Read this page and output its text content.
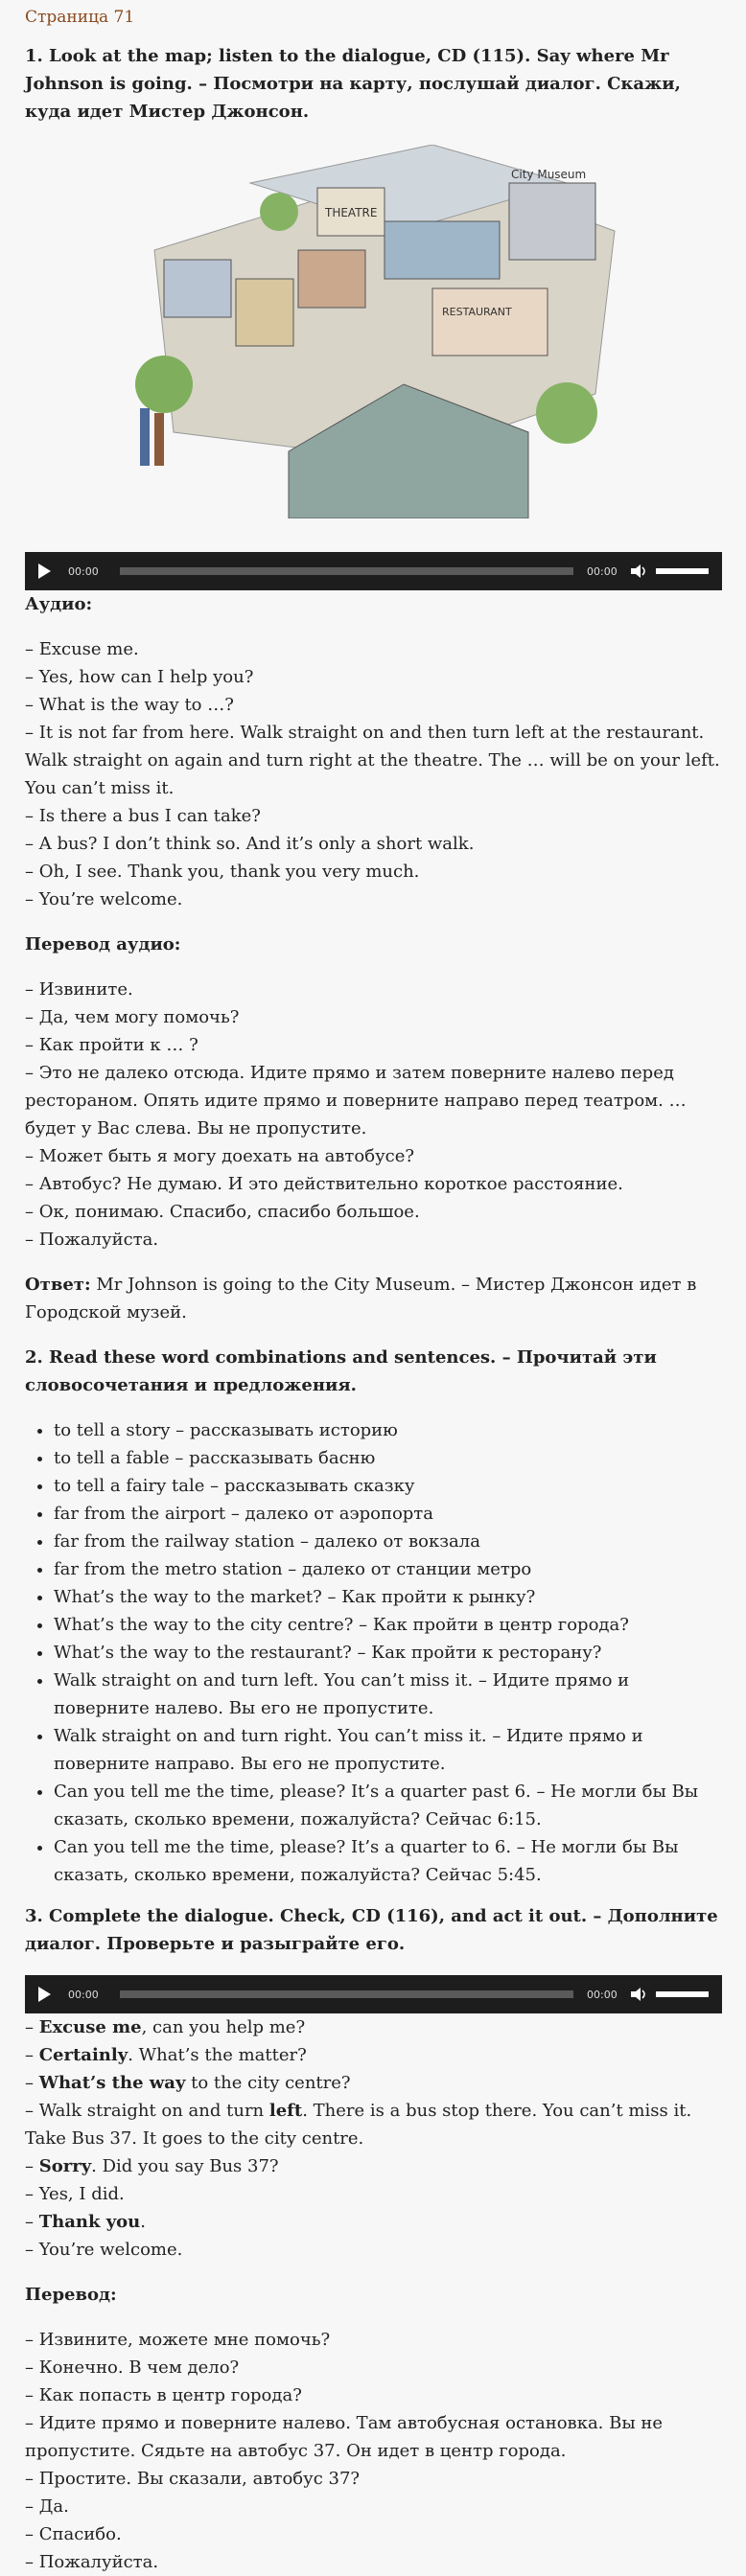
Страница 71
1. Look at the map; listen to the dialogue, CD (115). Say where Mr Johnson is going. – Посмотри на карту, послушай диалог. Скажи, куда идет Мистер Джонсон.
THEATRE
RESTAURANT
City Museum
00:00	00:00
Аудио:

– Excuse me.
– Yes, how can I help you?
– What is the way to …?
– It is not far from here. Walk straight on and then turn left at the restaurant. Walk straight on again and turn right at the theatre. The … will be on your left. You can’t miss it.
– Is there a bus I can take?
– A bus? I don’t think so. And it’s only a short walk.
– Oh, I see. Thank you, thank you very much.
– You’re welcome.

Перевод аудио:

– Извините.
– Да, чем могу помочь?
– Как пройти к … ?
– Это не далеко отсюда. Идите прямо и затем поверните налево перед рестораном. Опять идите прямо и поверните направо перед театром. … будет у Вас слева. Вы не пропустите.
– Может быть я могу доехать на автобусе?
– Автобус? Не думаю. И это действительно короткое расстояние.
– Ок, понимаю. Спасибо, спасибо большое.
– Пожалуйста.

Ответ: Mr Johnson is going to the City Museum. – Мистер Джонсон идет в Городской музей.

2. Read these word combinations and sentences. – Прочитай эти словосочетания и предложения.
• to tell a story – рассказывать историю
• to tell a fable – рассказывать басню
• to tell a fairy tale – рассказывать сказку
• far from the airport – далеко от аэропорта
• far from the railway station – далеко от вокзала
• far from the metro station – далеко от станции метро
• What’s the way to the market? – Как пройти к рынку?
• What’s the way to the city centre? – Как пройти в центр города?
• What’s the way to the restaurant? – Как пройти к ресторану?
• Walk straight on and turn left. You can’t miss it. – Идите прямо и поверните налево. Вы его не пропустите.
• Walk straight on and turn right. You can’t miss it. – Идите прямо и поверните направо. Вы его не пропустите.
• Can you tell me the time, please? It’s a quarter past 6. – Не могли бы Вы сказать, сколько времени, пожалуйста? Сейчас 6:15.
• Can you tell me the time, please? It’s a quarter to 6. – Не могли бы Вы сказать, сколько времени, пожалуйста? Сейчас 5:45.
3. Complete the dialogue. Check, CD (116), and act it out. – Дополните диалог. Проверьте и разыграйте его.
00:00	00:00

– Excuse me, can you help me?
– Certainly. What’s the matter?
– What’s the way to the city centre?
– Walk straight on and turn left. There is a bus stop there. You can’t miss it. Take Bus 37. It goes to the city centre.
– Sorry. Did you say Bus 37?
– Yes, I did.
– Thank you.
– You’re welcome.

Перевод:

– Извините, можете мне помочь?
– Конечно. В чем дело?
– Как попасть в центр города?
– Идите прямо и поверните налево. Там автобусная остановка. Вы не пропустите. Сядьте на автобус 37. Он идет в центр города.
– Простите. Вы сказали, автобус 37?
– Да.
– Спасибо.
– Пожалуйста.
